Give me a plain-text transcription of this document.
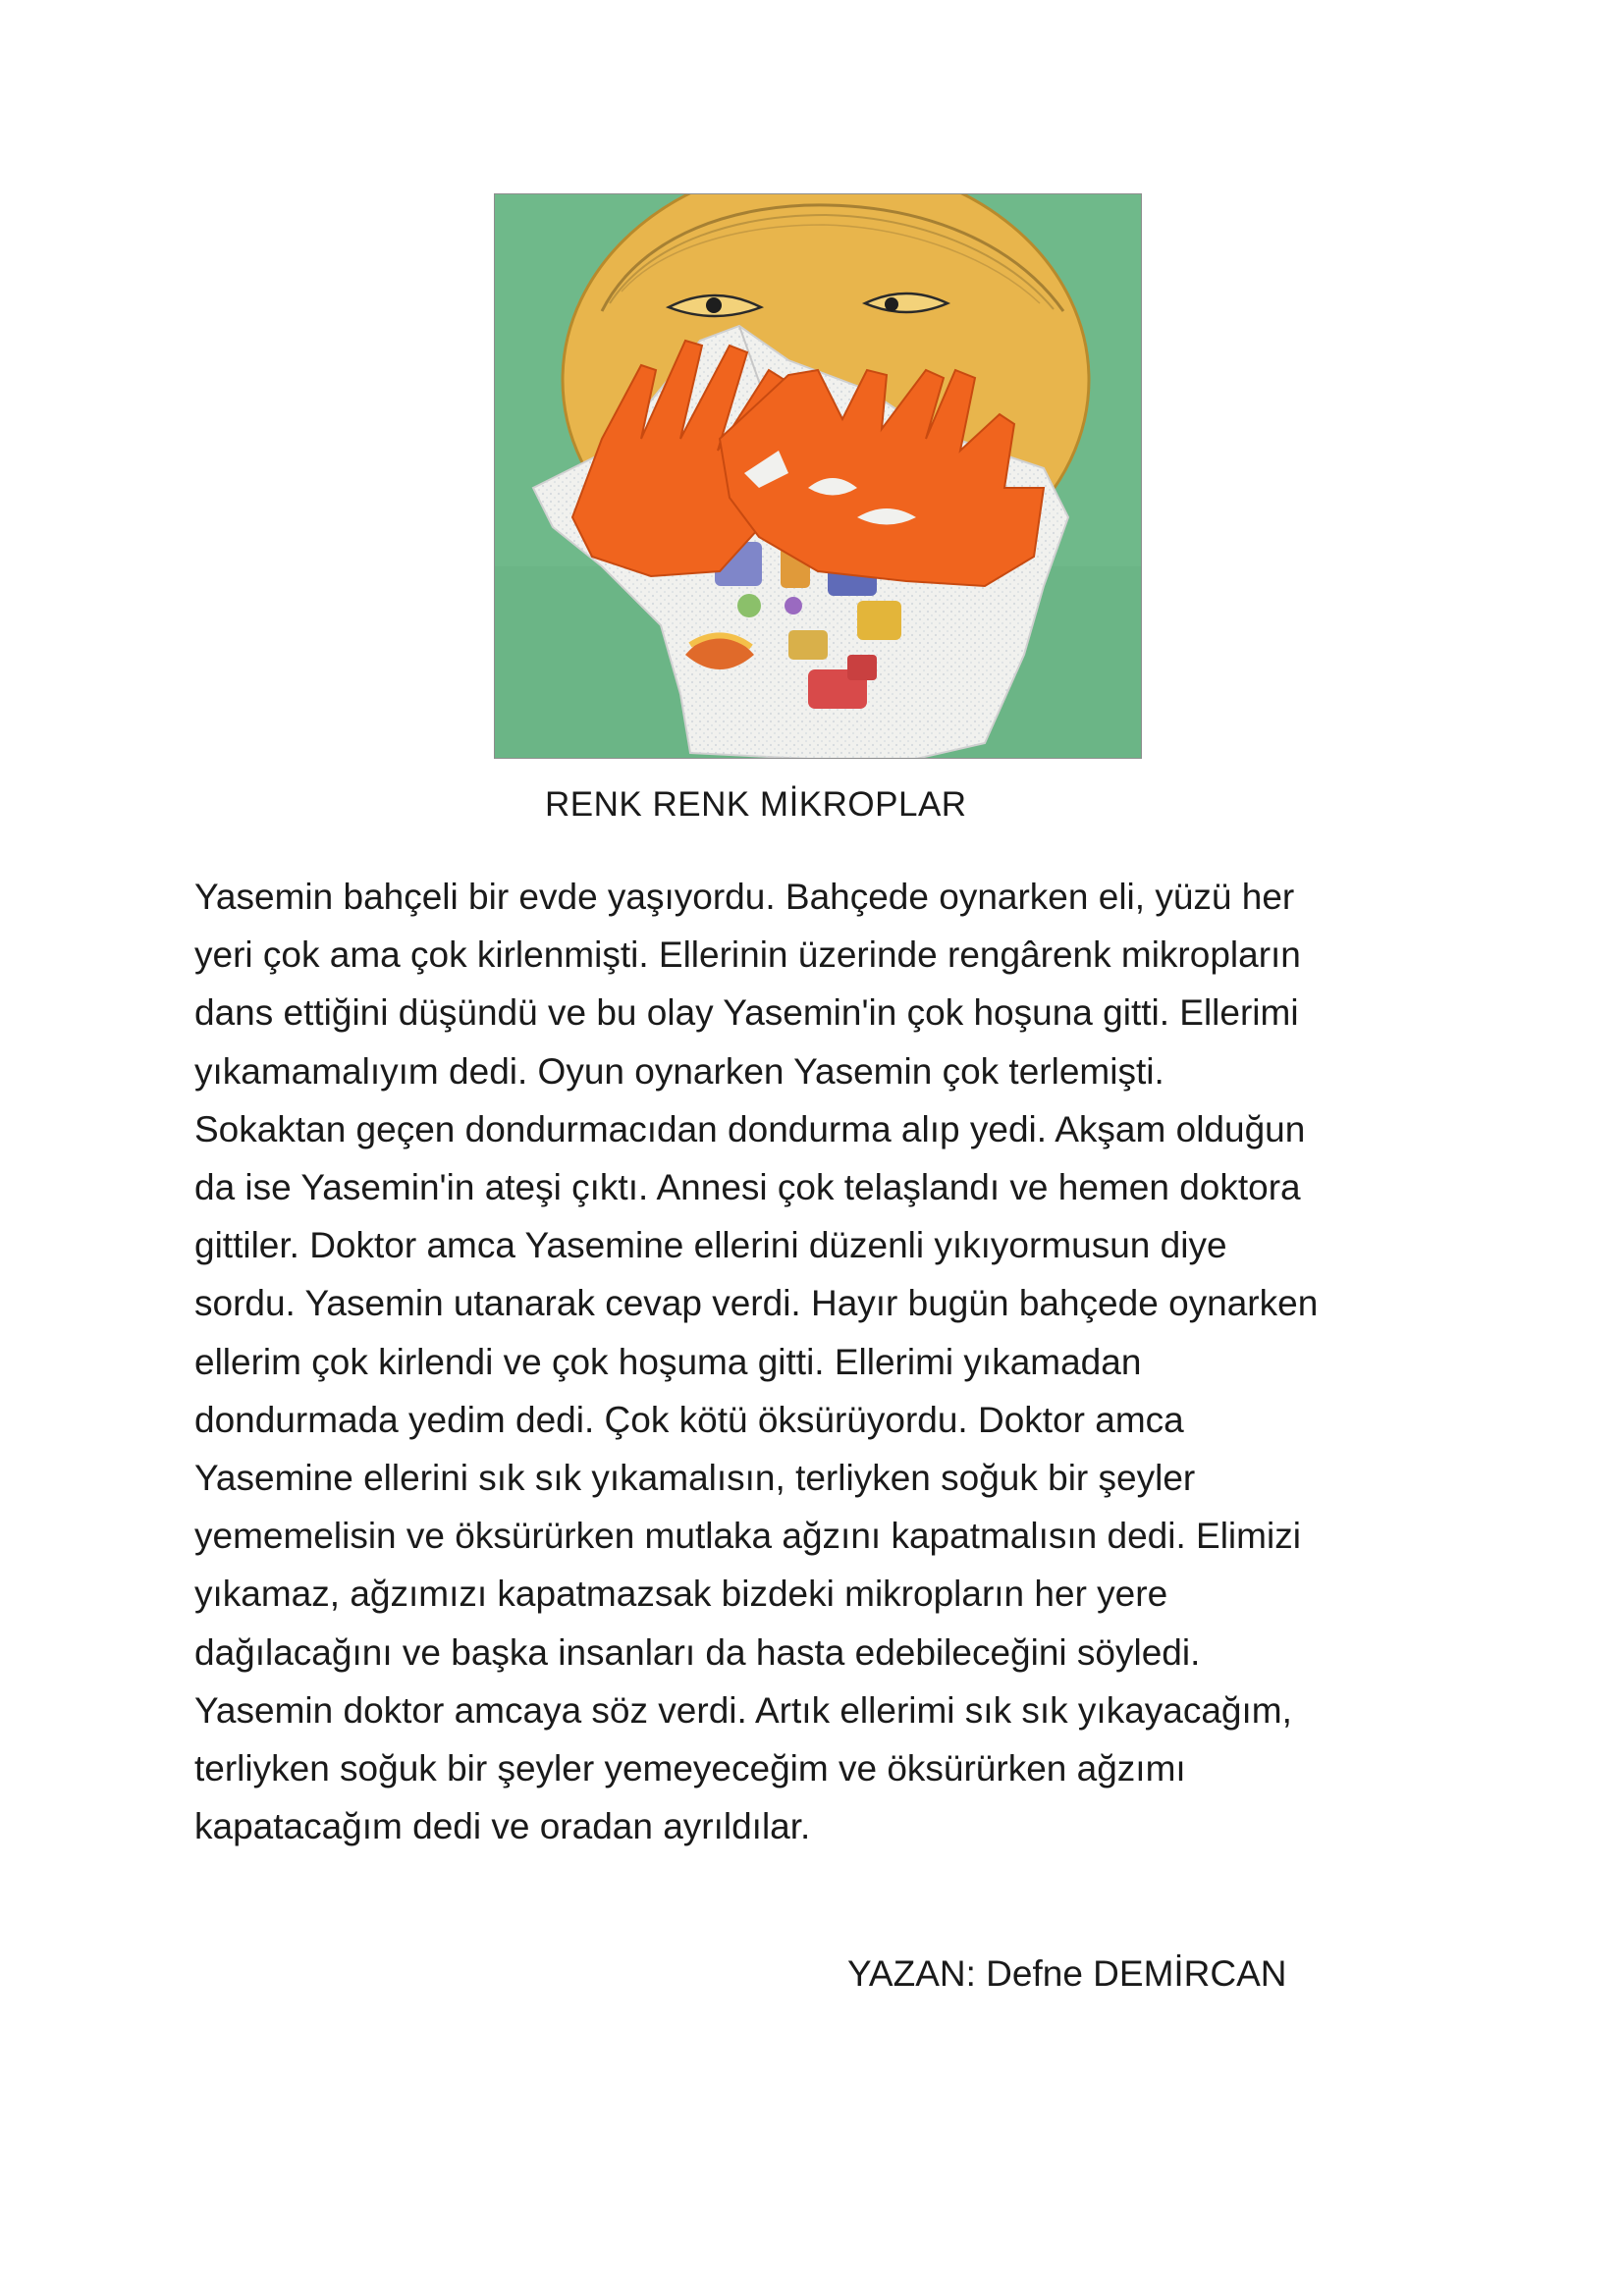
RENK RENK MİKROPLAR

Yasemin bahçeli bir evde yaşıyordu. Bahçede oynarken eli, yüzü her
yeri çok ama çok kirlenmişti. Ellerinin üzerinde rengârenk mikropların
dans ettiğini düşündü ve bu olay Yasemin'in çok hoşuna gitti. Ellerimi
yıkamamalıyım dedi. Oyun oynarken Yasemin çok terlemişti.
Sokaktan geçen dondurmacıdan dondurma alıp yedi. Akşam olduğun
da ise Yasemin'in ateşi çıktı. Annesi çok telaşlandı ve hemen doktora
gittiler. Doktor amca Yasemine ellerini düzenli yıkıyormusun diye
sordu. Yasemin utanarak cevap verdi. Hayır bugün bahçede oynarken
ellerim çok kirlendi ve çok hoşuma gitti. Ellerimi yıkamadan
dondurmada yedim dedi. Çok kötü öksürüyordu. Doktor amca
Yasemine ellerini sık sık yıkamalısın, terliyken soğuk bir şeyler
yememelisin ve öksürürken mutlaka ağzını kapatmalısın dedi. Elimizi
yıkamaz, ağzımızı kapatmazsak bizdeki mikropların her yere
dağılacağını ve başka insanları da hasta edebileceğini söyledi.
Yasemin doktor amcaya söz verdi. Artık ellerimi sık sık yıkayacağım,
terliyken soğuk bir şeyler yemeyeceğim ve öksürürken ağzımı
kapatacağım dedi ve oradan ayrıldılar.

YAZAN: Defne DEMİRCAN
